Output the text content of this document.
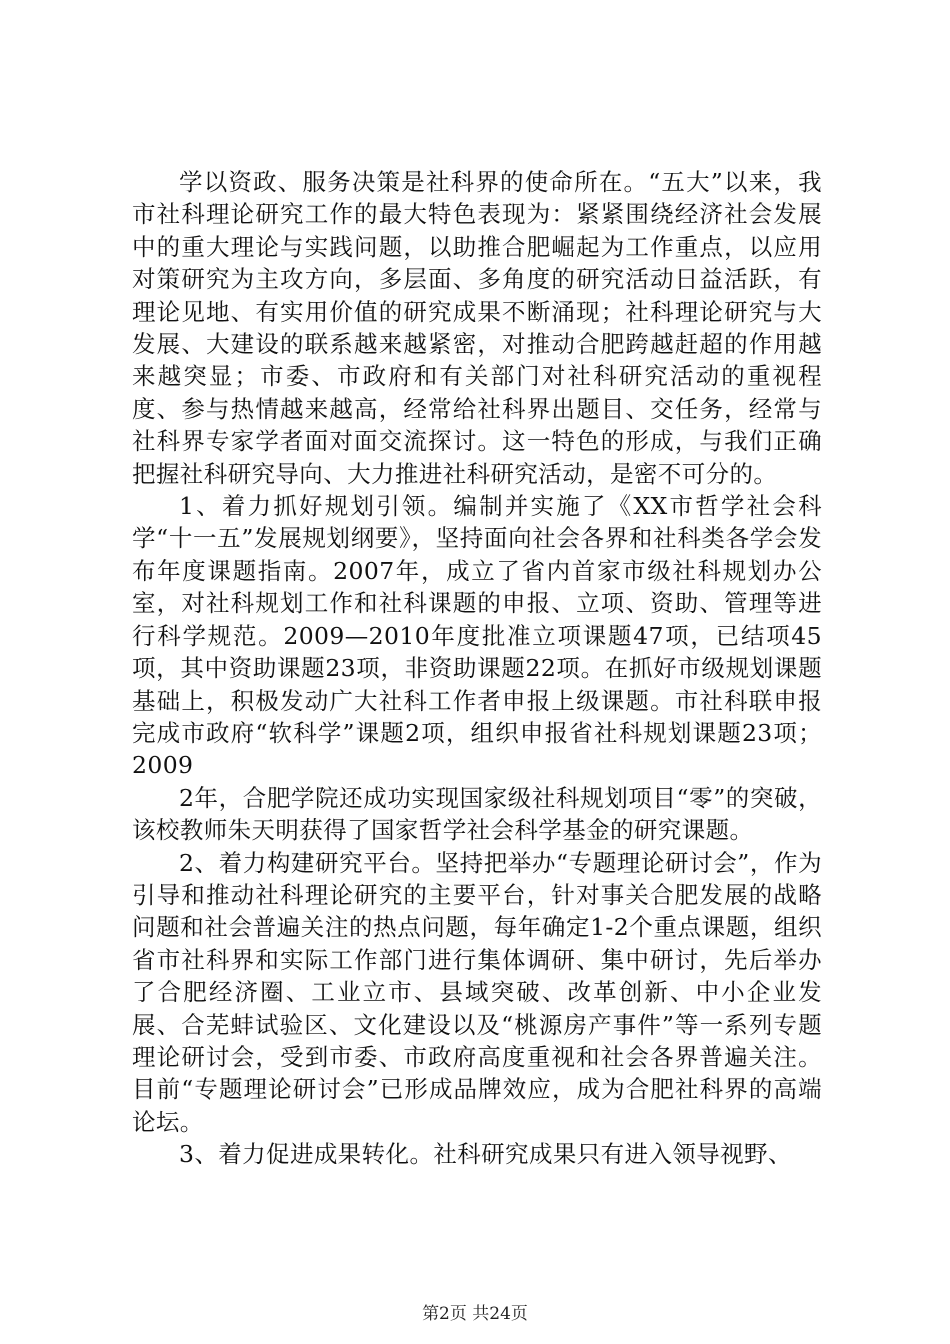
学以资政、服务决策是社科界的使命所在。“五大”以来，我市社科理论研究工作的最大特色表现为：紧紧围绕经济社会发展中的重大理论与实践问题，以助推合肥崛起为工作重点，以应用对策研究为主攻方向，多层面、多角度的研究活动日益活跃，有理论见地、有实用价值的研究成果不断涌现；社科理论研究与大发展、大建设的联系越来越紧密，对推动合肥跨越赶超的作用越来越突显；市委、市政府和有关部门对社科研究活动的重视程度、参与热情越来越高，经常给社科界出题目、交任务，经常与社科界专家学者面对面交流探讨。这一特色的形成，与我们正确把握社科研究导向、大力推进社科研究活动，是密不可分的。

1、着力抓好规划引领。编制并实施了《XX市哲学社会科学“十一五”发展规划纲要》，坚持面向社会各界和社科类各学会发布年度课题指南。2007年，成立了省内首家市级社科规划办公室，对社科规划工作和社科课题的申报、立项、资助、管理等进行科学规范。2009—2010年度批准立项课题47项，已结项45项，其中资助课题23项，非资助课题22项。在抓好市级规划课题基础上，积极发动广大社科工作者申报上级课题。市社科联申报完成市政府“软科学”课题2项，组织申报省社科规划课题23项；2009

2年，合肥学院还成功实现国家级社科规划项目“零”的突破，该校教师朱天明获得了国家哲学社会科学基金的研究课题。

2、着力构建研究平台。坚持把举办“专题理论研讨会”，作为引导和推动社科理论研究的主要平台，针对事关合肥发展的战略问题和社会普遍关注的热点问题，每年确定1-2个重点课题，组织省市社科界和实际工作部门进行集体调研、集中研讨，先后举办了合肥经济圈、工业立市、县域突破、改革创新、中小企业发展、合芜蚌试验区、文化建设以及“桃源房产事件”等一系列专题理论研讨会，受到市委、市政府高度重视和社会各界普遍关注。目前“专题理论研讨会”已形成品牌效应，成为合肥社科界的高端论坛。

3、着力促进成果转化。社科研究成果只有进入领导视野、

第2页 共24页
